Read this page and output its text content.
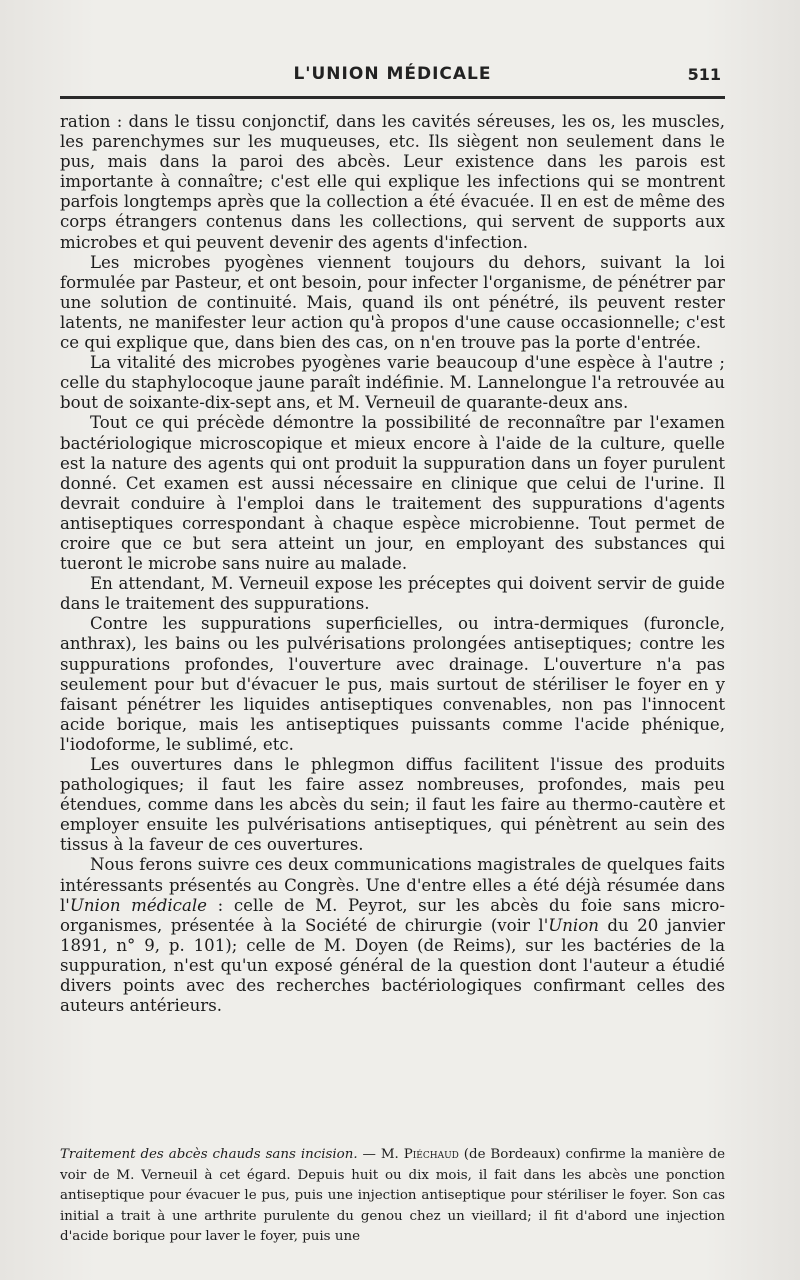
L'UNION MÉDICALE	511

ration : dans le tissu conjonctif, dans les cavités séreuses, les os, les muscles, les parenchymes sur les muqueuses, etc. Ils siègent non seulement dans le pus, mais dans la paroi des abcès. Leur existence dans les parois est importante à connaître; c'est elle qui explique les infections qui se montrent parfois longtemps après que la collection a été évacuée. Il en est de même des corps étrangers contenus dans les collections, qui servent de supports aux microbes et qui peuvent devenir des agents d'infection.

Les microbes pyogènes viennent toujours du dehors, suivant la loi formulée par Pasteur, et ont besoin, pour infecter l'organisme, de pénétrer par une solution de continuité. Mais, quand ils ont pénétré, ils peuvent rester latents, ne manifester leur action qu'à propos d'une cause occasionnelle; c'est ce qui explique que, dans bien des cas, on n'en trouve pas la porte d'entrée.

La vitalité des microbes pyogènes varie beaucoup d'une espèce à l'autre ; celle du staphylocoque jaune paraît indéfinie. M. Lannelongue l'a retrouvée au bout de soixante-dix-sept ans, et M. Verneuil de quarante-deux ans.

Tout ce qui précède démontre la possibilité de reconnaître par l'examen bactériologique microscopique et mieux encore à l'aide de la culture, quelle est la nature des agents qui ont produit la suppuration dans un foyer purulent donné. Cet examen est aussi nécessaire en clinique que celui de l'urine. Il devrait conduire à l'emploi dans le traitement des suppurations d'agents antiseptiques correspondant à chaque espèce microbienne. Tout permet de croire que ce but sera atteint un jour, en employant des substances qui tueront le microbe sans nuire au malade.

En attendant, M. Verneuil expose les préceptes qui doivent servir de guide dans le traitement des suppurations.

Contre les suppurations superficielles, ou intra-dermiques (furoncle, anthrax), les bains ou les pulvérisations prolongées antiseptiques; contre les suppurations profondes, l'ouverture avec drainage. L'ouverture n'a pas seulement pour but d'évacuer le pus, mais surtout de stériliser le foyer en y faisant pénétrer les liquides antiseptiques convenables, non pas l'innocent acide borique, mais les antiseptiques puissants comme l'acide phénique, l'iodoforme, le sublimé, etc.

Les ouvertures dans le phlegmon diffus facilitent l'issue des produits pathologiques; il faut les faire assez nombreuses, profondes, mais peu étendues, comme dans les abcès du sein; il faut les faire au thermo-cautère et employer ensuite les pulvérisations antiseptiques, qui pénètrent au sein des tissus à la faveur de ces ouvertures.

Nous ferons suivre ces deux communications magistrales de quelques faits intéressants présentés au Congrès. Une d'entre elles a été déjà résumée dans l'Union médicale : celle de M. Peyrot, sur les abcès du foie sans micro-organismes, présentée à la Société de chirurgie (voir l'Union du 20 janvier 1891, n° 9, p. 101); celle de M. Doyen (de Reims), sur les bactéries de la suppuration, n'est qu'un exposé général de la question dont l'auteur a étudié divers points avec des recherches bactériologiques confirmant celles des auteurs antérieurs.

Traitement des abcès chauds sans incision. — M. Piéchaud (de Bordeaux) confirme la manière de voir de M. Verneuil à cet égard. Depuis huit ou dix mois, il fait dans les abcès une ponction antiseptique pour évacuer le pus, puis une injection antiseptique pour stériliser le foyer. Son cas initial a trait à une arthrite purulente du genou chez un vieillard; il fit d'abord une injection d'acide borique pour laver le foyer, puis une
